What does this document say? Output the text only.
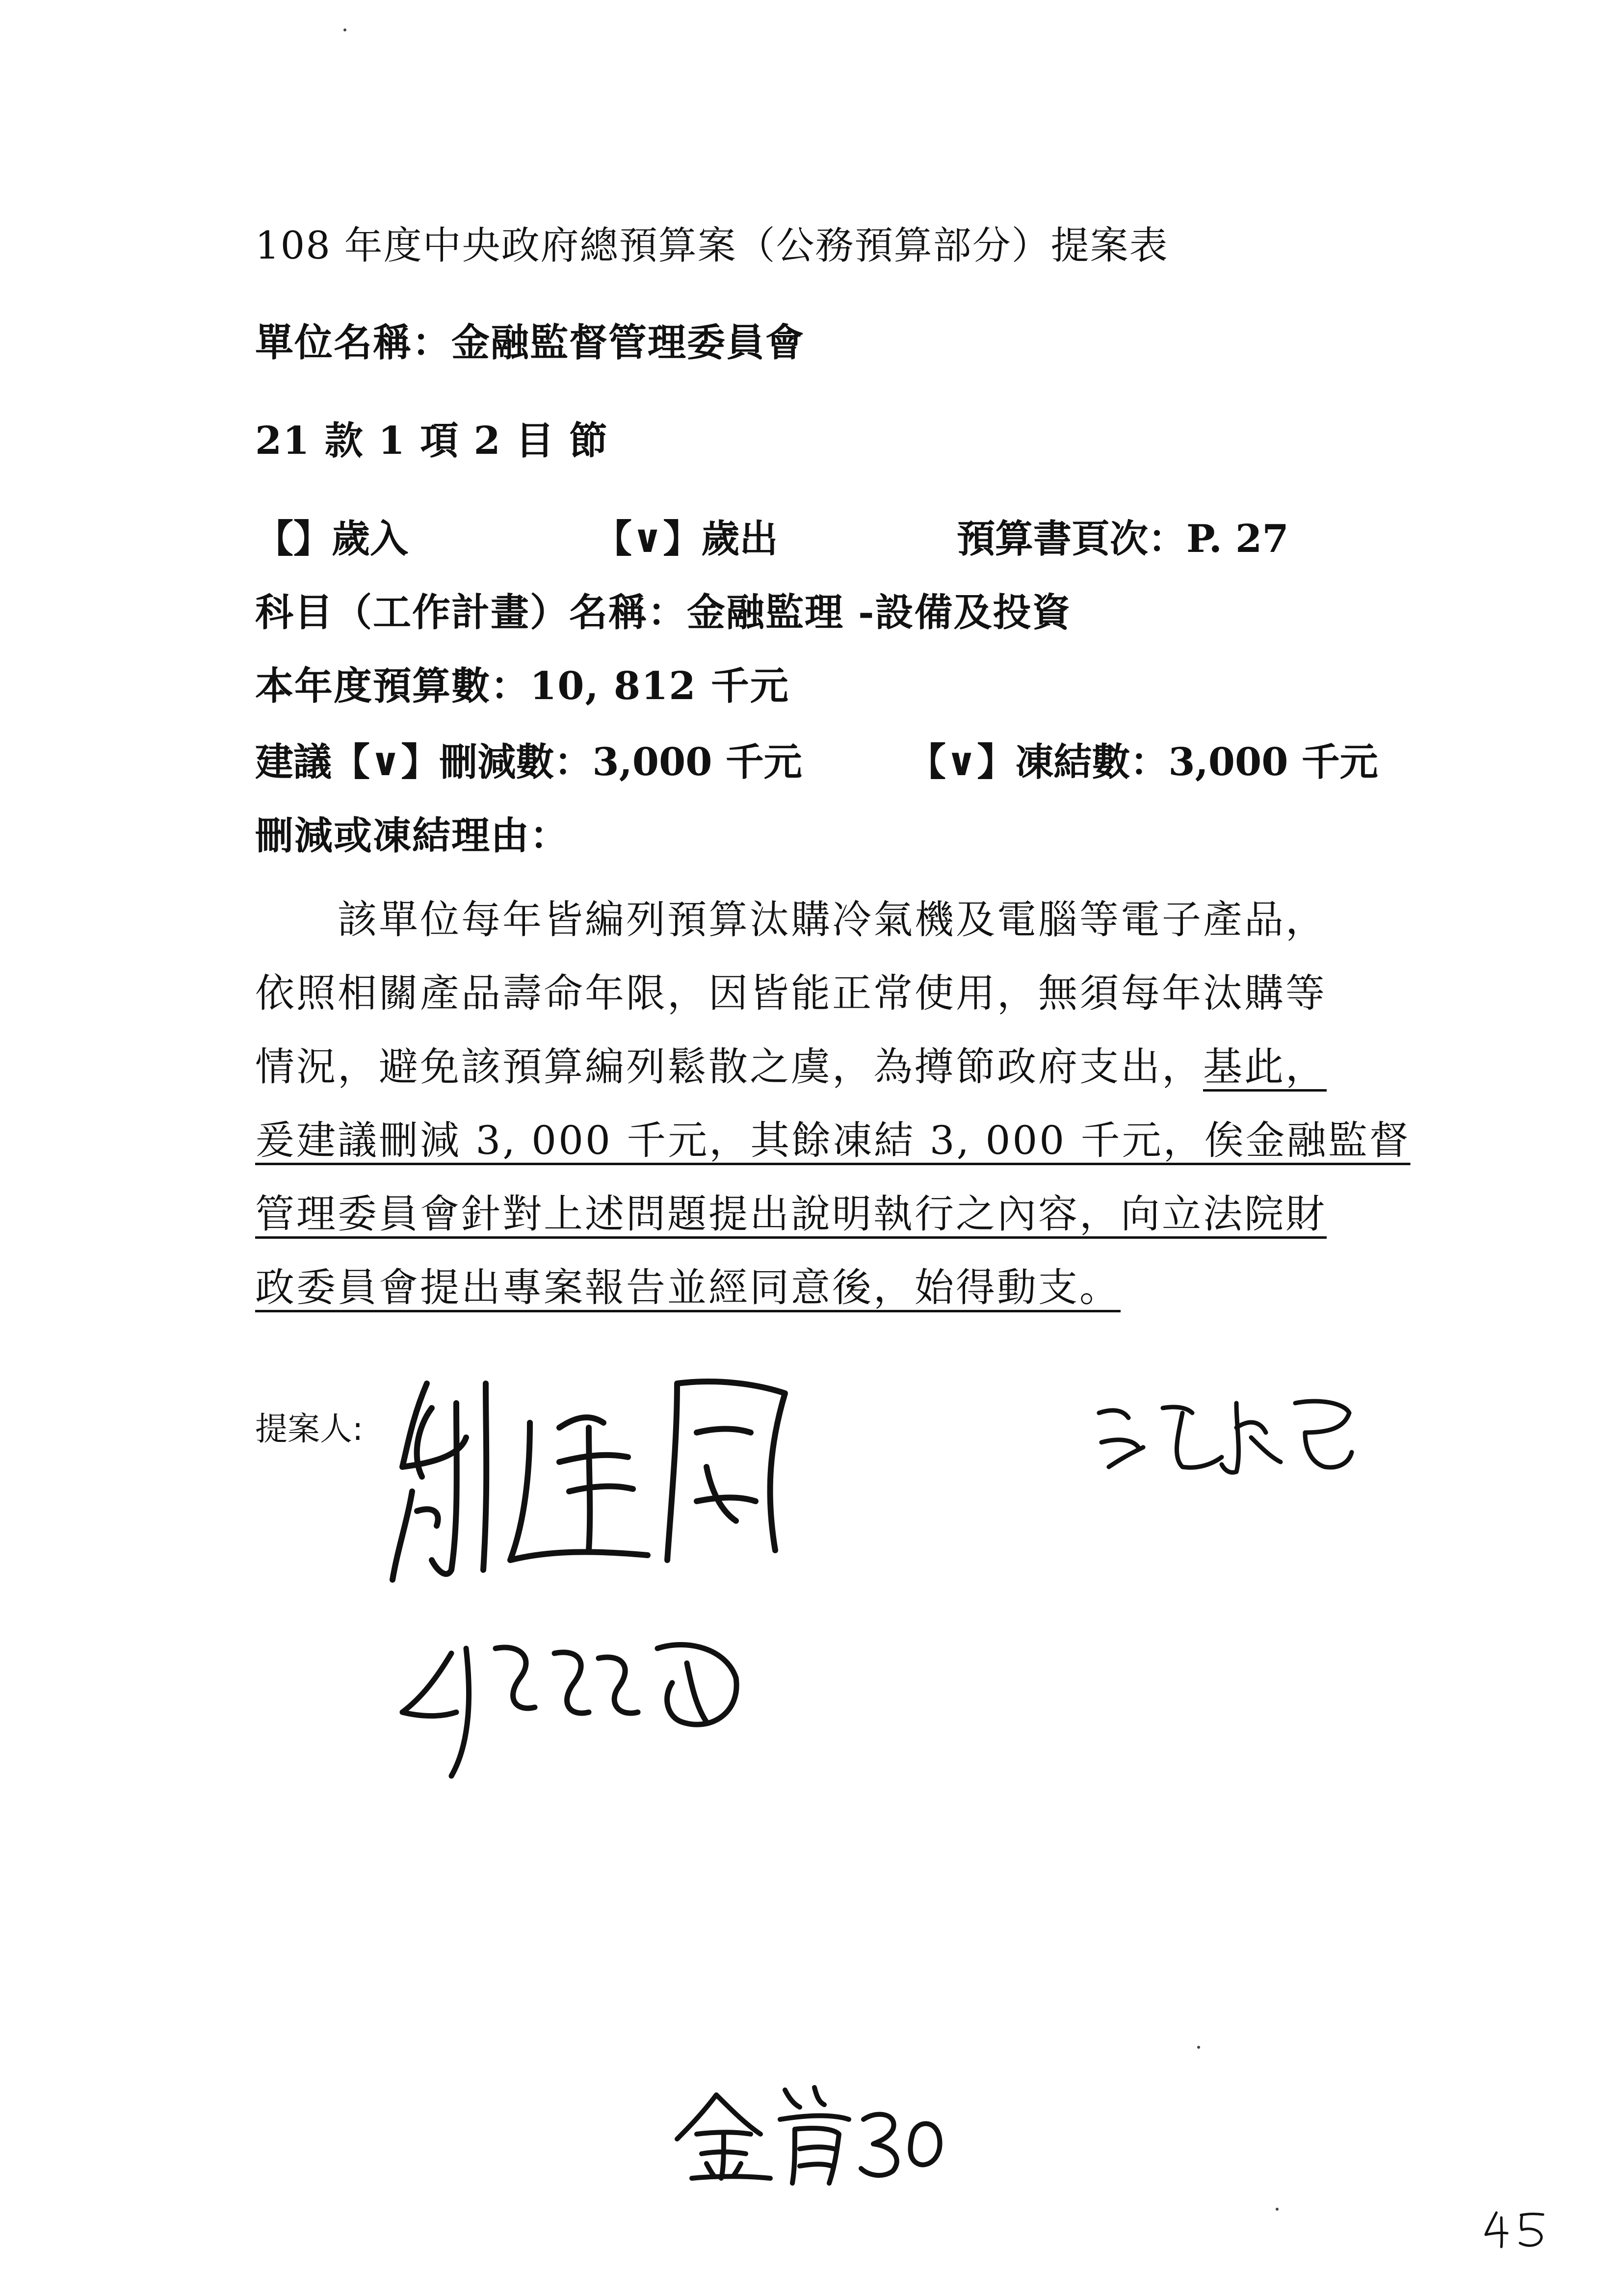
108 年度中央政府總預算案（公務預算部分）提案表
單位名稱：金融監督管理委員會
21 款 1 項 2 目 節
【】歲入	【∨】歲出	預算書頁次：P. 27
科目（工作計畫）名稱：金融監理 -設備及投資
本年度預算數：10, 812 千元
建議【∨】刪減數：3,000 千元	【∨】凍結數：3,000 千元
刪減或凍結理由：

　　該單位每年皆編列預算汰購冷氣機及電腦等電子產品，

依照相關產品壽命年限，因皆能正常使用，無須每年汰購等

情況，避免該預算編列鬆散之虞，為撙節政府支出，基此，

爰建議刪減 3, 000 千元，其餘凍結 3, 000 千元，俟金融監督

管理委員會針對上述問題提出說明執行之內容，向立法院財

政委員會提出專案報告並經同意後，始得動支。

提案人:
